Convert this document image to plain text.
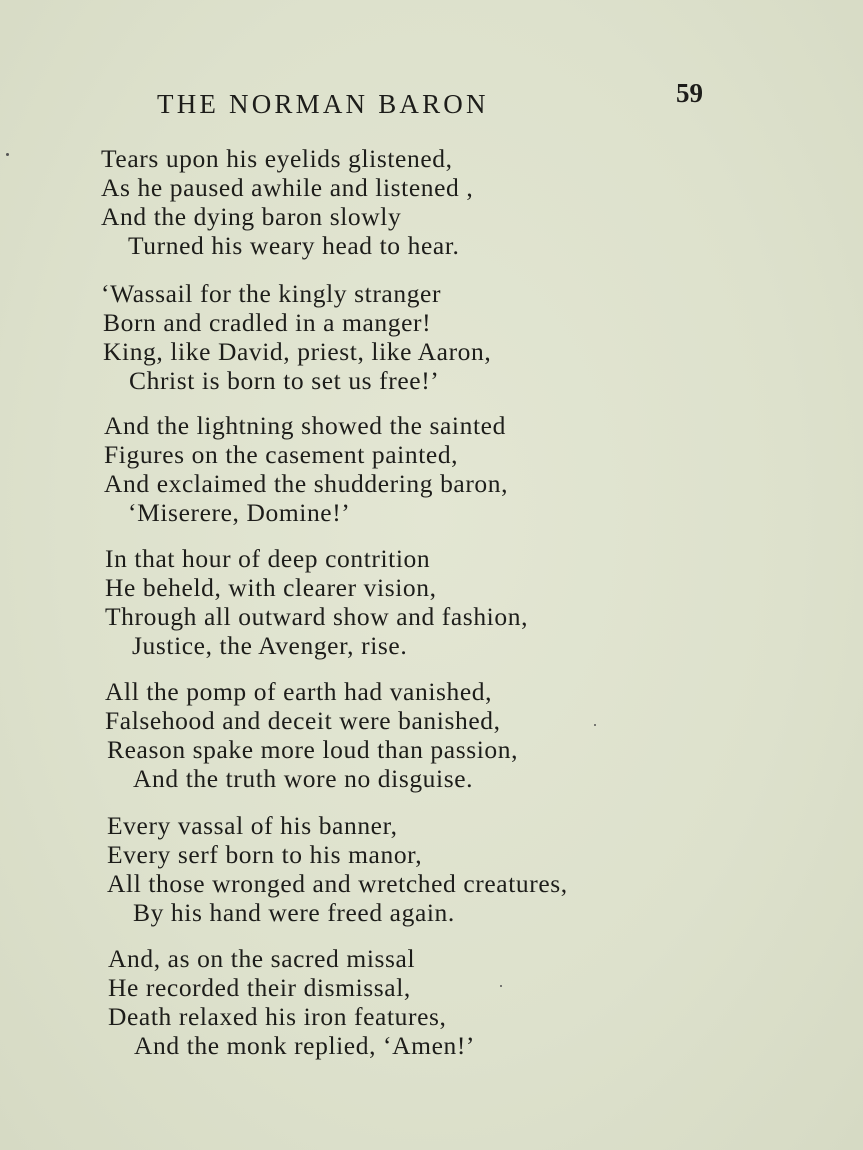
THE NORMAN BARON	59
Tears upon his eyelids glistened,
As he paused awhile and listened ,
And the dying baron slowly
Turned his weary head to hear.
‘Wassail for the kingly stranger
Born and cradled in a manger!
King, like David, priest, like Aaron,
Christ is born to set us free!’
And the lightning showed the sainted
Figures on the casement painted,
And exclaimed the shuddering baron,
‘Miserere, Domine!’
In that hour of deep contrition
He beheld, with clearer vision,
Through all outward show and fashion,
Justice, the Avenger, rise.
All the pomp of earth had vanished,
Falsehood and deceit were banished,
Reason spake more loud than passion,
And the truth wore no disguise.
Every vassal of his banner,
Every serf born to his manor,
All those wronged and wretched creatures,
By his hand were freed again.
And, as on the sacred missal
He recorded their dismissal,
Death relaxed his iron features,
And the monk replied, ‘Amen!’
